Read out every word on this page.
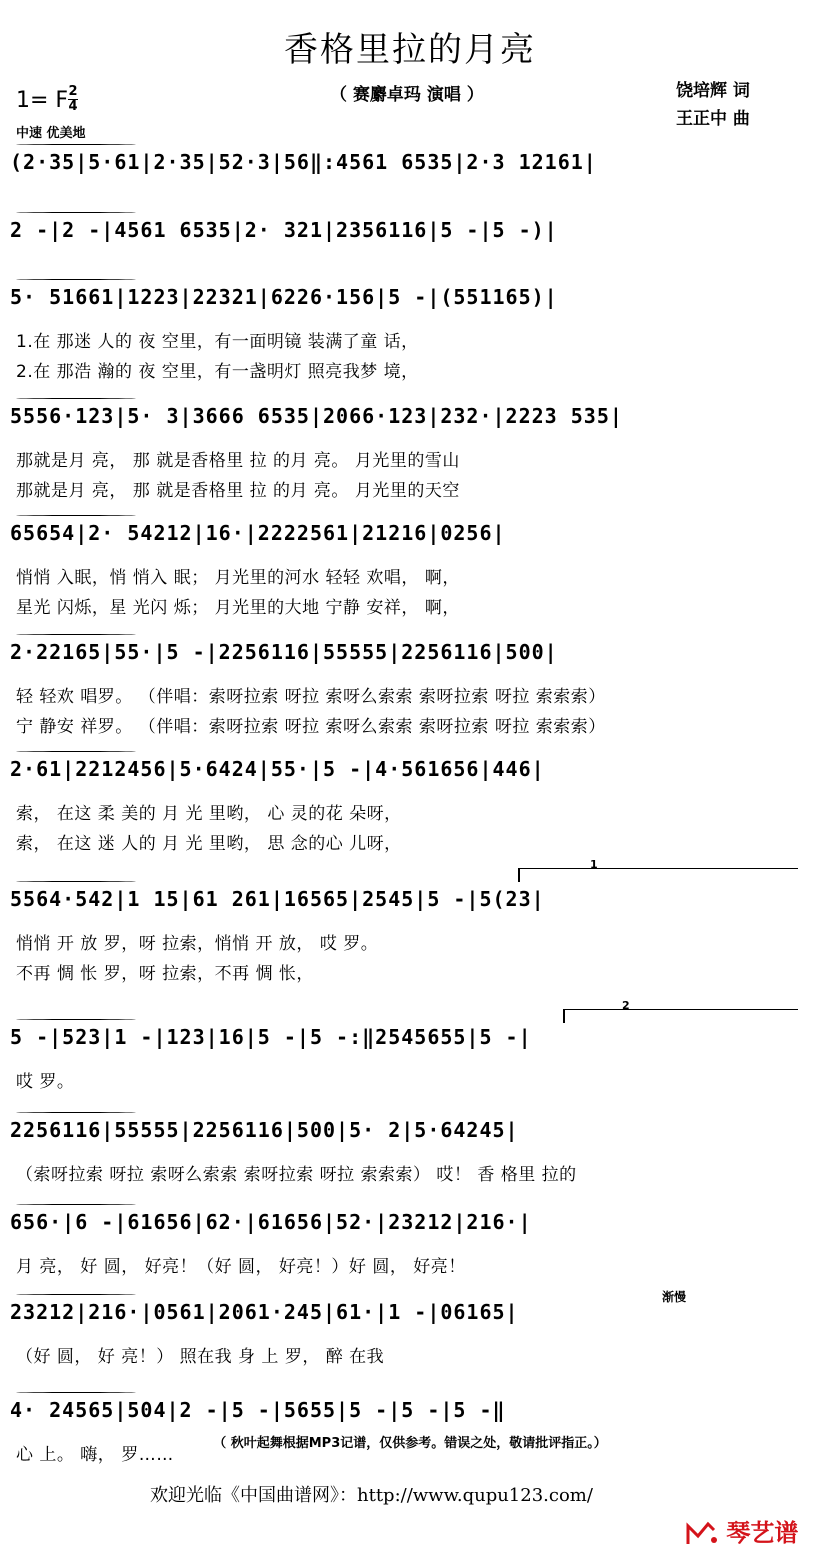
香格里拉的月亮
（ 赛麝卓玛 演唱 ）	饶培辉 词
王正中 曲
1= F 2
4
中速 优美地
(2·35|5·61|2·35|52·3|56‖:4561 6535|2·3 12161|
2 -|2 -|4561 6535|2· 321|2356116|5 -|5 -)|
5· 51661|1223|22321|6226·156|5 -|(551165)|
1.在 那迷 人的 夜 空里，有一面明镜 装满了童 话，
2.在 那浩 瀚的 夜 空里，有一盏明灯 照亮我梦 境，
5556·123|5· 3|3666 6535|2066·123|232·|2223 535|
那就是月 亮， 那 就是香格里 拉 的月 亮。 月光里的雪山
那就是月 亮， 那 就是香格里 拉 的月 亮。 月光里的天空
65654|2· 54212|16·|2222561|21216|0256|
悄悄 入眠，悄 悄入 眠； 月光里的河水 轻轻 欢唱， 啊，
星光 闪烁，星 光闪 烁； 月光里的大地 宁静 安祥， 啊，
2·22165|55·|5 -|2256116|55555|2256116|500|
轻 轻欢 唱罗。 （伴唱：索呀拉索 呀拉 索呀么索索 索呀拉索 呀拉 索索索）
宁 静安 祥罗。 （伴唱：索呀拉索 呀拉 索呀么索索 索呀拉索 呀拉 索索索）
2·61|2212456|5·6424|55·|5 -|4·561656|446|
索， 在这 柔 美的 月 光 里哟， 心 灵的花 朵呀，
索， 在这 迷 人的 月 光 里哟， 思 念的心 儿呀，
5564·542|1 15|61 261|16565|2545|5 -|5(23|
悄悄 开 放 罗，呀 拉索，悄悄 开 放， 哎 罗。
不再 惆 怅 罗，呀 拉索，不再 惆 怅，
5 -|523|1 -|123|16|5 -|5 -:‖2545655|5 -|
哎 罗。
2256116|55555|2256116|500|5· 2|5·64245|
（索呀拉索 呀拉 索呀么索索 索呀拉索 呀拉 索索索） 哎！ 香 格里 拉的
656·|6 -|61656|62·|61656|52·|23212|216·|
月 亮， 好 圆， 好亮！（好 圆， 好亮！）好 圆， 好亮！
23212|216·|0561|2061·245|61·|1 -|06165|
（好 圆， 好 亮！） 照在我 身 上 罗， 醉 在我
4· 24565|504|2 -|5 -|5655|5 -|5 -|5 -‖
心 上。 嗨， 罗……
1
2
渐慢
（ 秋叶起舞根据MP3记谱，仅供参考。错误之处，敬请批评指正。）
欢迎光临《中国曲谱网》：http://www.qupu123.com/
琴艺谱
